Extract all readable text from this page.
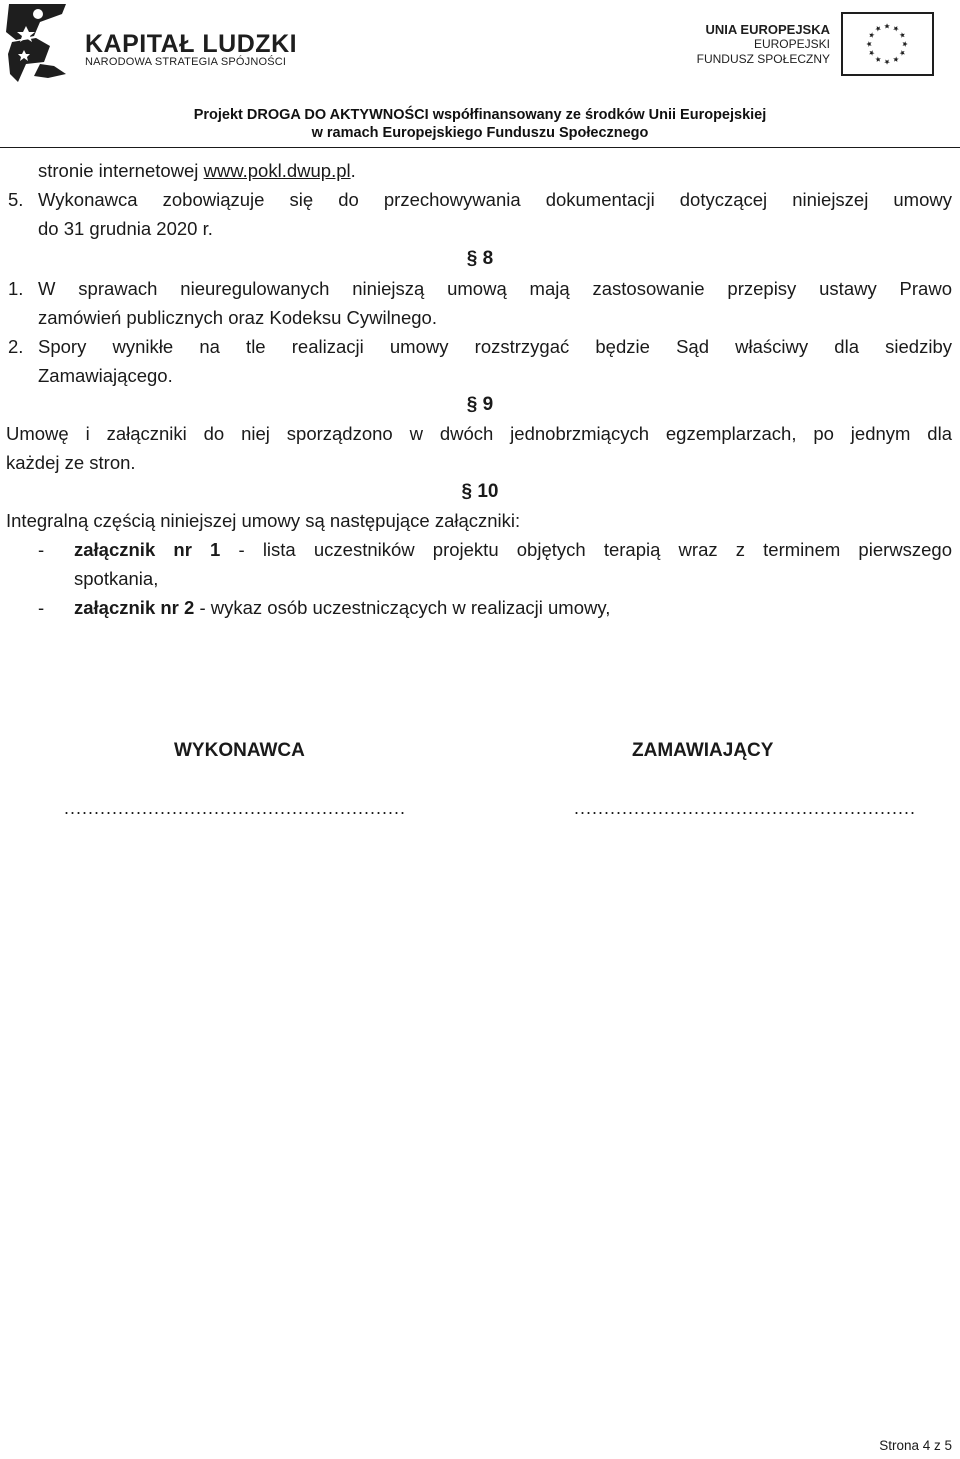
KAPITAŁ LUDZKI
NARODOWA STRATEGIA SPÓJNOŚCI
UNIA EUROPEJSKA
EUROPEJSKI
FUNDUSZ SPOŁECZNY
Projekt DROGA DO AKTYWNOŚCI współfinansowany ze środków Unii Europejskiej
w ramach Europejskiego Funduszu Społecznego
stronie internetowej www.pokl.dwup.pl.
5. Wykonawca zobowiązuje się do przechowywania dokumentacji dotyczącej niniejszej umowy
do 31 grudnia 2020 r.
§ 8
1. W sprawach nieuregulowanych niniejszą umową mają zastosowanie przepisy ustawy Prawo
zamówień publicznych oraz Kodeksu Cywilnego.
2. Spory wynikłe na tle realizacji umowy rozstrzygać będzie Sąd właściwy dla siedziby
Zamawiającego.
§ 9
Umowę i załączniki do niej sporządzono w dwóch jednobrzmiących egzemplarzach, po jednym dla
każdej ze stron.
§ 10
Integralną częścią niniejszej umowy są następujące załączniki:
- załącznik nr 1 - lista uczestników projektu objętych terapią wraz z terminem pierwszego
spotkania,
- załącznik nr 2 - wykaz osób uczestniczących w realizacji umowy,
WYKONAWCA	ZAMAWIAJĄCY
.........................................................	.........................................................
Strona 4 z 5
